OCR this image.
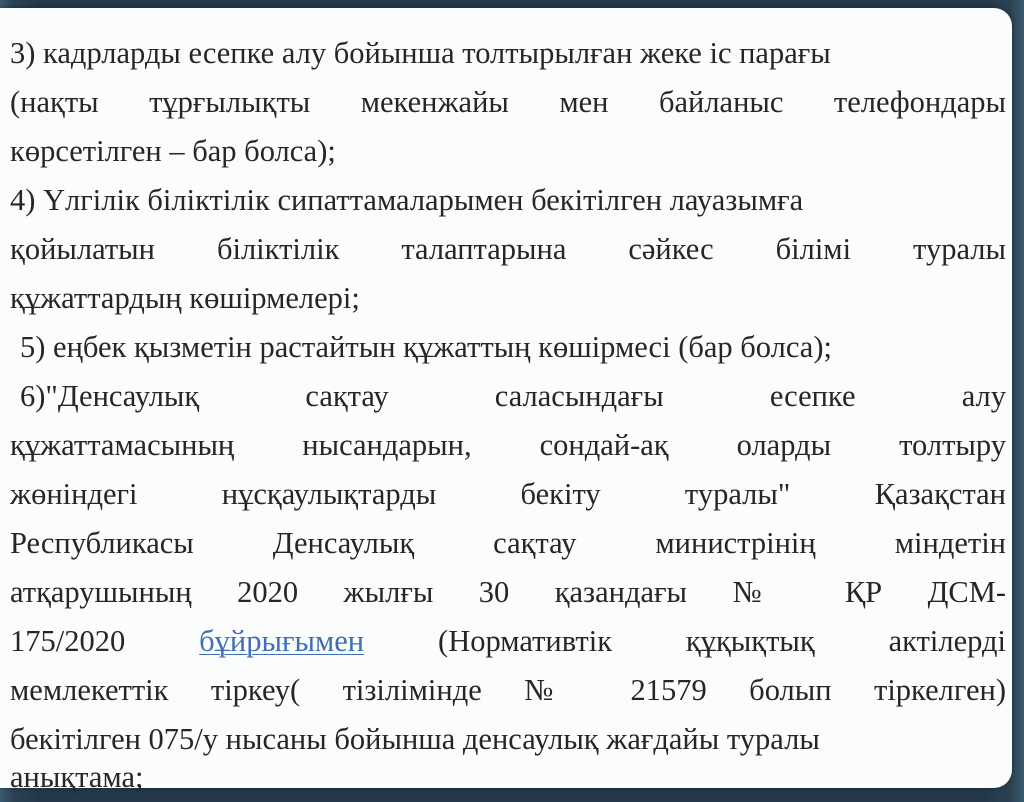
3) кадрларды есепке алу бойынша толтырылған жеке іс парағы
(нақты тұрғылықты мекенжайы мен байланыс телефондары
көрсетілген – бар болса);
4) Үлгілік біліктілік сипаттамаларымен бекітілген лауазымға
қойылатын біліктілік талаптарына сәйкес білімі туралы
құжаттардың көшірмелері;
5) еңбек қызметін растайтын құжаттың көшірмесі (бар болса);
6)"Денсаулық сақтау саласындағы есепке алу
құжаттамасының нысандарын, сондай-ақ оларды толтыру
жөніндегі нұсқаулықтарды бекіту туралы" Қазақстан
Республикасы Денсаулық сақтау министрінің міндетін
атқарушының 2020 жылғы 30 қазандағы № ҚР ДСМ-
175/2020 бұйрығымен (Нормативтік құқықтық актілерді
мемлекеттік тіркеу( тізілімінде № 21579 болып тіркелген)
бекітілген 075/у нысаны бойынша денсаулық жағдайы туралы
анықтама;
